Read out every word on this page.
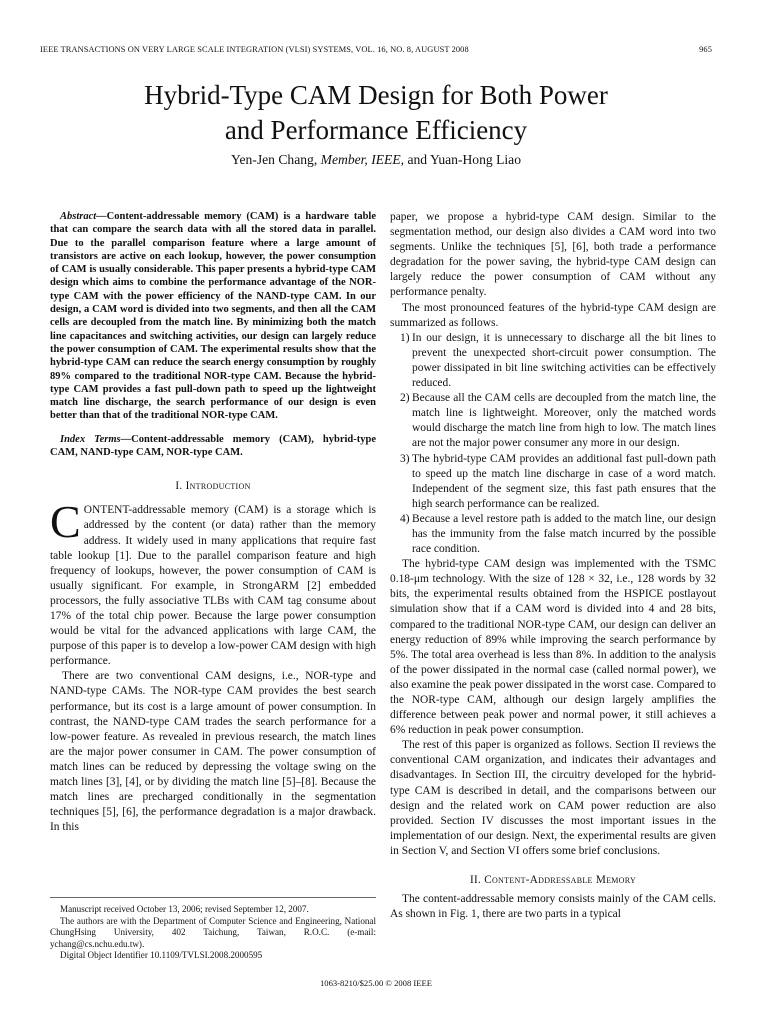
IEEE TRANSACTIONS ON VERY LARGE SCALE INTEGRATION (VLSI) SYSTEMS, VOL. 16, NO. 8, AUGUST 2008	965
Hybrid-Type CAM Design for Both Power
and Performance Efficiency
Yen-Jen Chang, Member, IEEE, and Yuan-Hong Liao

Abstract—Content-addressable memory (CAM) is a hardware table that can compare the search data with all the stored data in parallel. Due to the parallel comparison feature where a large amount of transistors are active on each lookup, however, the power consumption of CAM is usually considerable. This paper presents a hybrid-type CAM design which aims to combine the performance advantage of the NOR-type CAM with the power efficiency of the NAND-type CAM. In our design, a CAM word is divided into two segments, and then all the CAM cells are decoupled from the match line. By minimizing both the match line capacitances and switching activities, our design can largely reduce the power consumption of CAM. The experimental results show that the hybrid-type CAM can reduce the search energy consumption by roughly 89% compared to the traditional NOR-type CAM. Because the hybrid-type CAM provides a fast pull-down path to speed up the lightweight match line discharge, the search performance of our design is even better than that of the traditional NOR-type CAM.

Index Terms—Content-addressable memory (CAM), hybrid-type CAM, NAND-type CAM, NOR-type CAM.

I. Introduction

CONTENT-addressable memory (CAM) is a storage which is addressed by the content (or data) rather than the memory address. It widely used in many applications that require fast table lookup [1]. Due to the parallel comparison feature and high frequency of lookups, however, the power consumption of CAM is usually significant. For example, in StrongARM [2] embedded processors, the fully associative TLBs with CAM tag consume about 17% of the total chip power. Because the large power consumption would be vital for the advanced applications with large CAM, the purpose of this paper is to develop a low-power CAM design with high performance.

There are two conventional CAM designs, i.e., NOR-type and NAND-type CAMs. The NOR-type CAM provides the best search performance, but its cost is a large amount of power consumption. In contrast, the NAND-type CAM trades the search performance for a low-power feature. As revealed in previous research, the match lines are the major power consumer in CAM. The power consumption of match lines can be reduced by depressing the voltage swing on the match lines [3], [4], or by dividing the match line [5]–[8]. Because the match lines are precharged conditionally in the segmentation techniques [5], [6], the performance degradation is a major drawback. In this

Manuscript received October 13, 2006; revised September 12, 2007.

The authors are with the Department of Computer Science and Engineering, National ChungHsing University, 402 Taichung, Taiwan, R.O.C. (e-mail: ychang@cs.nchu.edu.tw).

Digital Object Identifier 10.1109/TVLSI.2008.2000595

paper, we propose a hybrid-type CAM design. Similar to the segmentation method, our design also divides a CAM word into two segments. Unlike the techniques [5], [6], both trade a performance degradation for the power saving, the hybrid-type CAM design can largely reduce the power consumption of CAM without any performance penalty.

The most pronounced features of the hybrid-type CAM design are summarized as follows.

1) In our design, it is unnecessary to discharge all the bit lines to prevent the unexpected short-circuit power consumption. The power dissipated in bit line switching activities can be effectively reduced.
2) Because all the CAM cells are decoupled from the match line, the match line is lightweight. Moreover, only the matched words would discharge the match line from high to low. The match lines are not the major power consumer any more in our design.
3) The hybrid-type CAM provides an additional fast pull-down path to speed up the match line discharge in case of a word match. Independent of the segment size, this fast path ensures that the high search performance can be realized.
4) Because a level restore path is added to the match line, our design has the immunity from the false match incurred by the possible race condition.

The hybrid-type CAM design was implemented with the TSMC 0.18-μm technology. With the size of 128 × 32, i.e., 128 words by 32 bits, the experimental results obtained from the HSPICE postlayout simulation show that if a CAM word is divided into 4 and 28 bits, compared to the traditional NOR-type CAM, our design can deliver an energy reduction of 89% while improving the search performance by 5%. The total area overhead is less than 8%. In addition to the analysis of the power dissipated in the normal case (called normal power), we also examine the peak power dissipated in the worst case. Compared to the NOR-type CAM, although our design largely amplifies the difference between peak power and normal power, it still achieves a 6% reduction in peak power consumption.

The rest of this paper is organized as follows. Section II reviews the conventional CAM organization, and indicates their advantages and disadvantages. In Section III, the circuitry developed for the hybrid-type CAM is described in detail, and the comparisons between our design and the related work on CAM power reduction are also provided. Section IV discusses the most important issues in the implementation of our design. Next, the experimental results are given in Section V, and Section VI offers some brief conclusions.

II. Content-Addressable Memory

The content-addressable memory consists mainly of the CAM cells. As shown in Fig. 1, there are two parts in a typical

1063-8210/$25.00 © 2008 IEEE
